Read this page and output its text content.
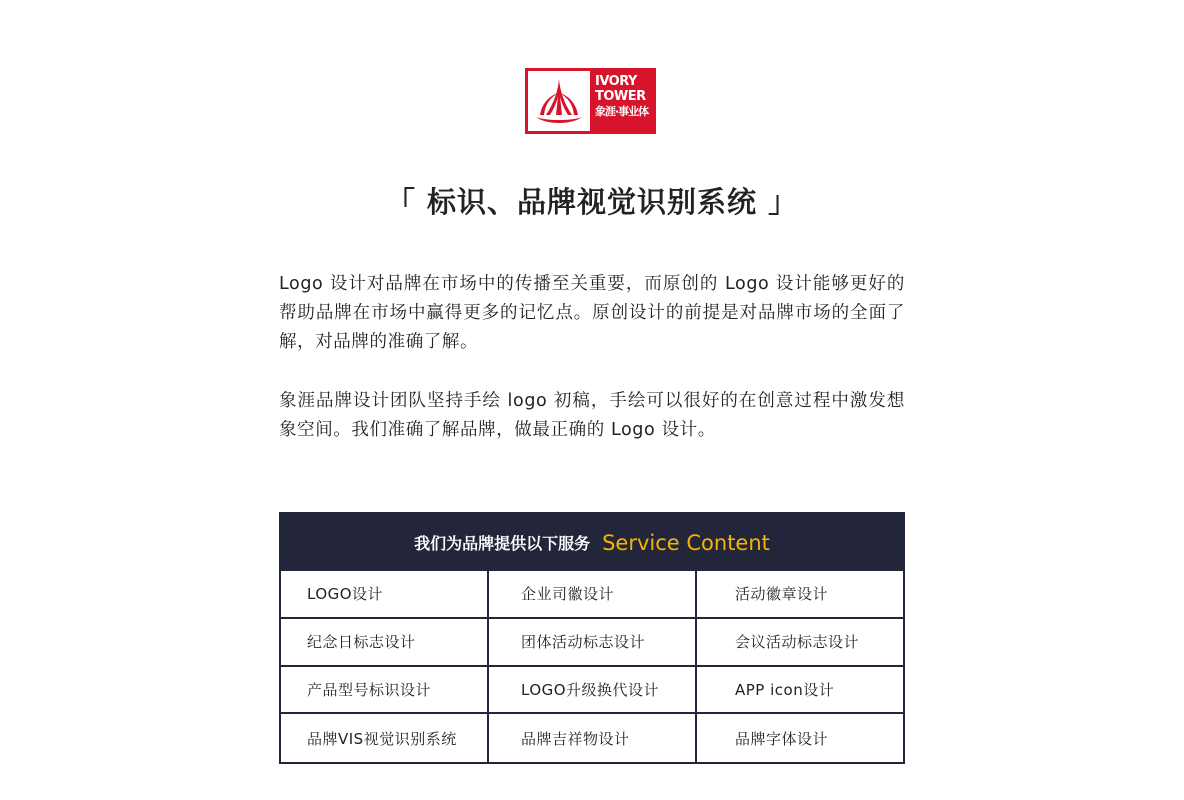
IVORY
TOWER
象涯·事业体
「 标识、品牌视觉识别系统 」
Logo 设计对品牌在市场中的传播至关重要，而原创的 Logo 设计能够更好的帮助品牌在市场中赢得更多的记忆点。原创设计的前提是对品牌市场的全面了解，对品牌的准确了解。
象涯品牌设计团队坚持手绘 logo 初稿，手绘可以很好的在创意过程中激发想象空间。我们准确了解品牌，做最正确的 Logo 设计。
我们为品牌提供以下服务 Service Content
LOGO设计	企业司徽设计	活动徽章设计
纪念日标志设计	团体活动标志设计	会议活动标志设计
产品型号标识设计	LOGO升级换代设计	APP icon设计
品牌VIS视觉识别系统	品牌吉祥物设计	品牌字体设计
